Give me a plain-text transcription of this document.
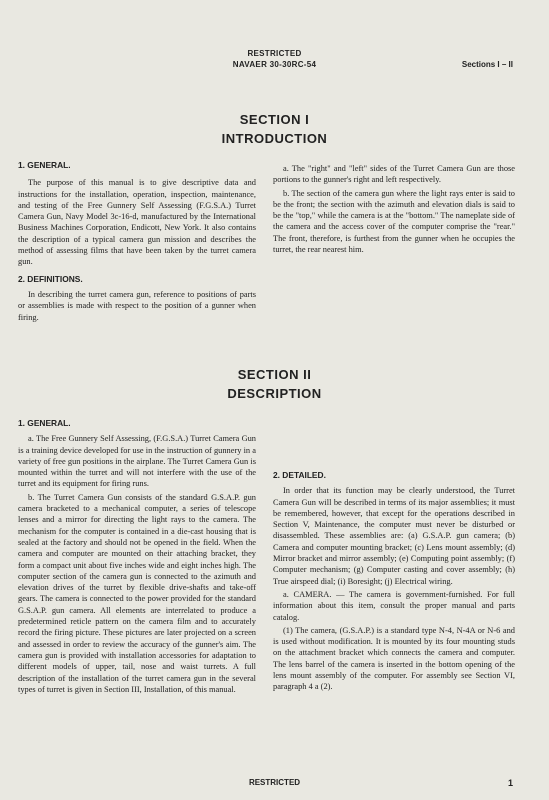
RESTRICTED
NAVAER 30-30RC-54	Sections I – II
SECTION I
INTRODUCTION
1. GENERAL.

The purpose of this manual is to give descriptive data and instructions for the installation, operation, inspection, maintenance, and testing of the Free Gunnery Self Assessing (F.G.S.A.) Turret Camera Gun, Navy Model 3c-16-d, manufactured by the International Business Machines Corporation, Endicott, New York. It also contains the description of a typical camera gun mission and describes the method of assessing films that have been taken by the turret camera gun.

2. DEFINITIONS.

In describing the turret camera gun, reference to positions of parts or assemblies is made with respect to the position of a gunner when firing.

a. The "right" and "left" sides of the Turret Camera Gun are those portions to the gunner's right and left respectively.

b. The section of the camera gun where the light rays enter is said to be the front; the section with the azimuth and elevation dials is said to be the "top," while the camera is at the "bottom." The nameplate side of the camera and the access cover of the computer comprise the "rear." The front, therefore, is furthest from the gunner when he occupies the turret, the rear nearest him.

SECTION II
DESCRIPTION
1. GENERAL.

a. The Free Gunnery Self Assessing, (F.G.S.A.) Turret Camera Gun is a training device developed for use in the instruction of gunnery in a variety of free gun positions in the airplane. The Turret Camera Gun is mounted within the turret and will not interfere with the use of the turret and its equipment for firing runs.

b. The Turret Camera Gun consists of the standard G.S.A.P. gun camera bracketed to a mechanical computer, a series of telescope lenses and a mirror for directing the light rays to the camera. The mechanism for the computer is contained in a die-cast housing that is sealed at the factory and should not be opened in the field. When the camera and computer are mounted on their attaching bracket, they form a compact unit about five inches wide and eight inches high. The computer section of the camera gun is connected to the azimuth and elevation drives of the turret by flexible drive-shafts and take-off gears. The camera is connected to the power provided for the standard G.S.A.P. gun camera. All elements are interrelated to produce a predetermined reticle pattern on the camera film and to accurately record the firing picture. These pictures are later projected on a screen and assessed in order to review the accuracy of the gunner's aim. The camera gun is provided with installation accessories for adaptation to different models of upper, tail, nose and waist turrets. A full description of the installation of the turret camera gun in the several types of turret is given in Section III, Installation, of this manual.

2. DETAILED.

In order that its function may be clearly understood, the Turret Camera Gun will be described in terms of its major assemblies; it must be remembered, however, that except for the operations described in Section V, Maintenance, the computer must never be disturbed or disassembled. These assemblies are: (a) G.S.A.P. gun camera; (b) Camera and computer mounting bracket; (c) Lens mount assembly; (d) Mirror bracket and mirror assembly; (e) Computing point assembly; (f) Computer mechanism; (g) Computer casting and cover assembly; (h) True airspeed dial; (i) Boresight; (j) Electrical wiring.

a. CAMERA. — The camera is government-furnished. For full information about this item, consult the proper manual and parts catalog.

(1) The camera, (G.S.A.P.) is a standard type N-4, N-4A or N-6 and is used without modification. It is mounted by its four mounting studs on the attachment bracket which connects the camera and computer. The lens barrel of the camera is inserted in the bottom opening of the lens mount assembly of the computer. For assembly see Section VI, paragraph 4 a (2).

RESTRICTED	1
